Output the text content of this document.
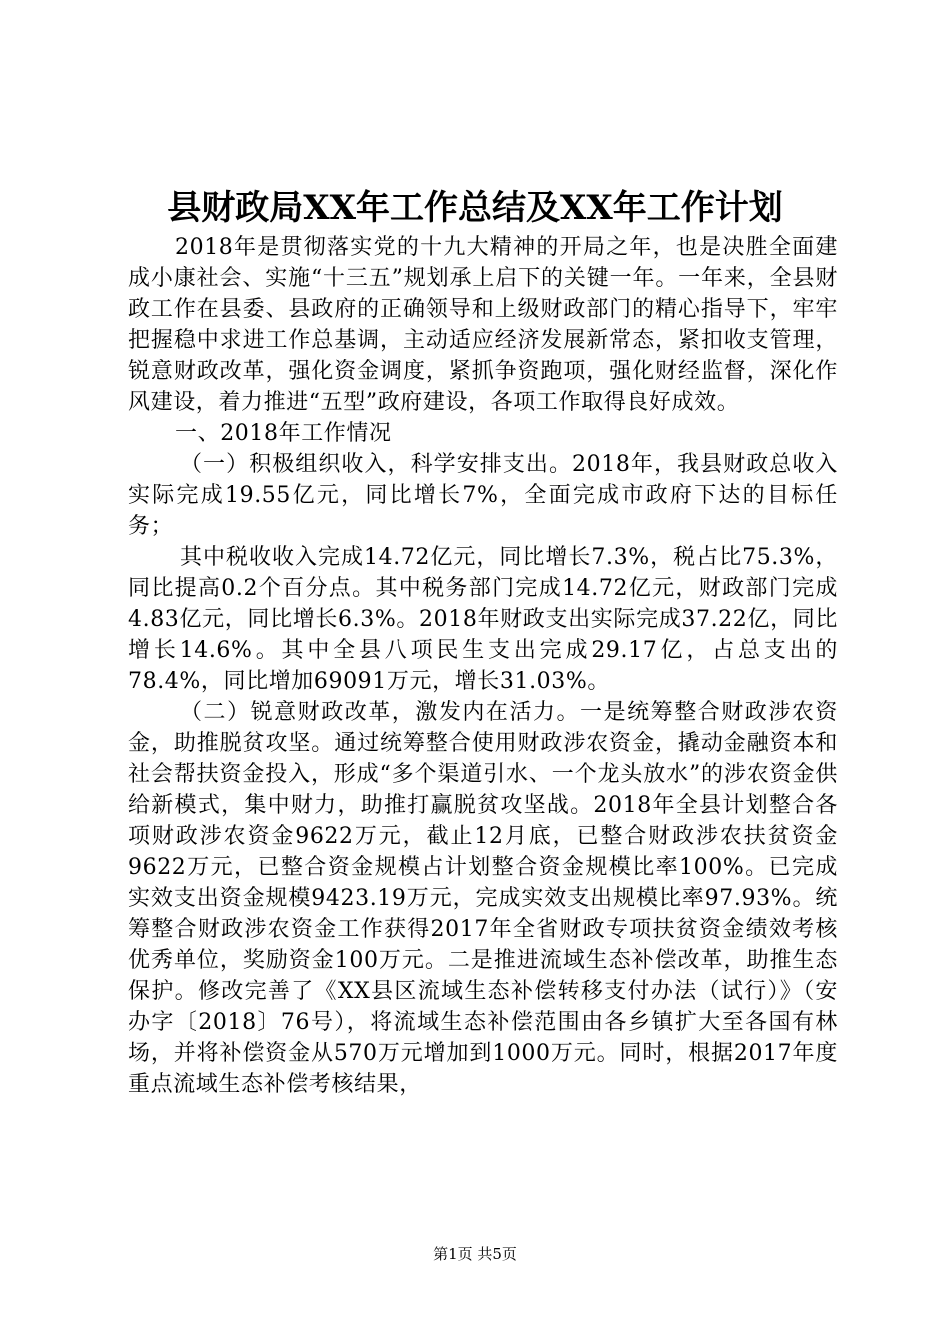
县财政局XX年工作总结及XX年工作计划

2018年是贯彻落实党的十九大精神的开局之年，也是决胜全面建成小康社会、实施“十三五”规划承上启下的关键一年。一年来，全县财政工作在县委、县政府的正确领导和上级财政部门的精心指导下，牢牢把握稳中求进工作总基调，主动适应经济发展新常态，紧扣收支管理，锐意财政改革，强化资金调度，紧抓争资跑项，强化财经监督，深化作风建设，着力推进“五型”政府建设，各项工作取得良好成效。

一、2018年工作情况

（一）积极组织收入，科学安排支出。2018年，我县财政总收入实际完成19.55亿元，同比增长7%，全面完成市政府下达的目标任务；

其中税收收入完成14.72亿元，同比增长7.3%，税占比75.3%，同比提高0.2个百分点。其中税务部门完成14.72亿元，财政部门完成4.83亿元，同比增长6.3%。2018年财政支出实际完成37.22亿，同比增长14.6%。其中全县八项民生支出完成29.17亿，占总支出的78.4%，同比增加69091万元，增长31.03%。

（二）锐意财政改革，激发内在活力。一是统筹整合财政涉农资金，助推脱贫攻坚。通过统筹整合使用财政涉农资金，撬动金融资本和社会帮扶资金投入，形成“多个渠道引水、一个龙头放水”的涉农资金供给新模式，集中财力，助推打赢脱贫攻坚战。2018年全县计划整合各项财政涉农资金9622万元，截止12月底，已整合财政涉农扶贫资金9622万元，已整合资金规模占计划整合资金规模比率100%。已完成实效支出资金规模9423.19万元，完成实效支出规模比率97.93%。统筹整合财政涉农资金工作获得2017年全省财政专项扶贫资金绩效考核优秀单位，奖励资金100万元。二是推进流域生态补偿改革，助推生态保护。修改完善了《XX县区流域生态补偿转移支付办法（试行）》（安办字〔2018〕76号），将流域生态补偿范围由各乡镇扩大至各国有林场，并将补偿资金从570万元增加到1000万元。同时，根据2017年度重点流域生态补偿考核结果，

第1页 共5页
